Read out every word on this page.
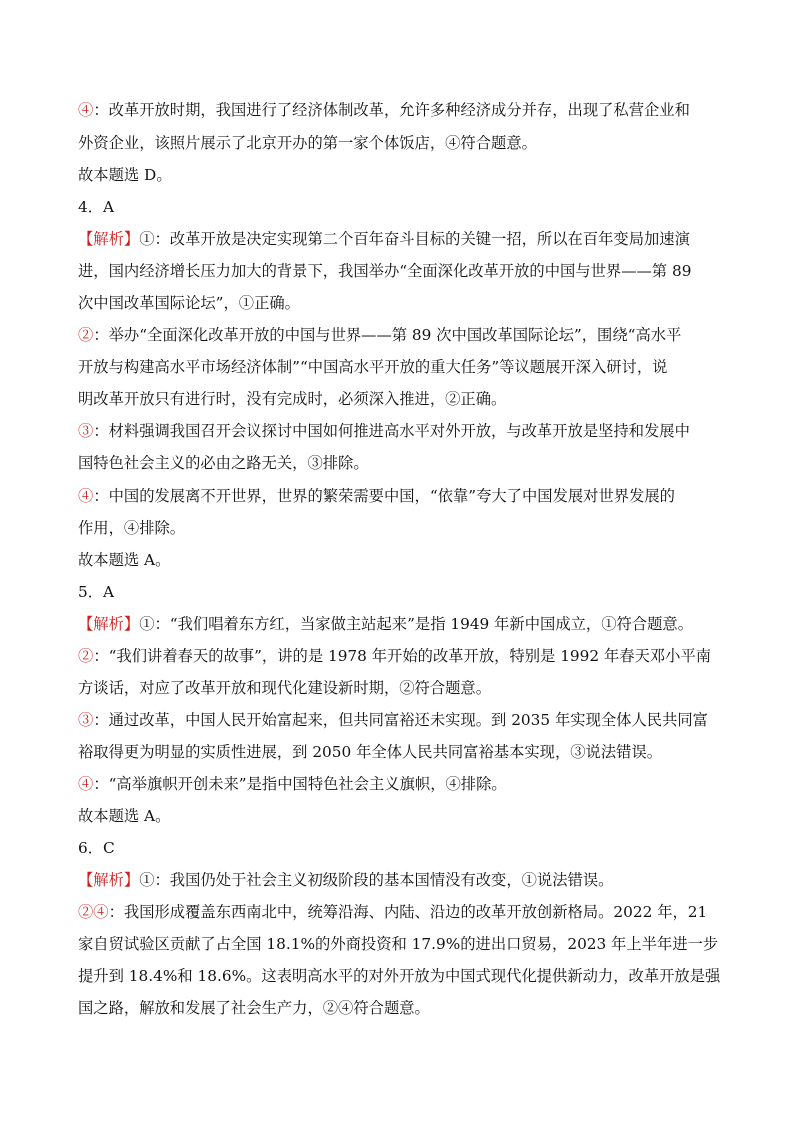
④：改革开放时期，我国进行了经济体制改革，允许多种经济成分并存，出现了私营企业和
外资企业，该照片展示了北京开办的第一家个体饭店，④符合题意。
故本题选 D。
4．A
【解析】①：改革开放是决定实现第二个百年奋斗目标的关键一招，所以在百年变局加速演
进，国内经济增长压力加大的背景下，我国举办“全面深化改革开放的中国与世界——第 89
次中国改革国际论坛”，①正确。
②：举办“全面深化改革开放的中国与世界——第 89 次中国改革国际论坛”，围绕“高水平
开放与构建高水平市场经济体制”“中国高水平开放的重大任务”等议题展开深入研讨，说
明改革开放只有进行时，没有完成时，必须深入推进，②正确。
③：材料强调我国召开会议探讨中国如何推进高水平对外开放，与改革开放是坚持和发展中
国特色社会主义的必由之路无关，③排除。
④：中国的发展离不开世界，世界的繁荣需要中国，“依靠”夸大了中国发展对世界发展的
作用，④排除。
故本题选 A。
5．A
【解析】①：“我们唱着东方红，当家做主站起来”是指 1949 年新中国成立，①符合题意。
②：“我们讲着春天的故事”，讲的是 1978 年开始的改革开放，特别是 1992 年春天邓小平南
方谈话，对应了改革开放和现代化建设新时期，②符合题意。
③：通过改革，中国人民开始富起来，但共同富裕还未实现。到 2035 年实现全体人民共同富
裕取得更为明显的实质性进展，到 2050 年全体人民共同富裕基本实现，③说法错误。
④：“高举旗帜开创未来”是指中国特色社会主义旗帜，④排除。
故本题选 A。
6．C
【解析】①：我国仍处于社会主义初级阶段的基本国情没有改变，①说法错误。
②④：我国形成覆盖东西南北中，统筹沿海、内陆、沿边的改革开放创新格局。2022 年，21
家自贸试验区贡献了占全国 18.1%的外商投资和 17.9%的进出口贸易，2023 年上半年进一步
提升到 18.4%和 18.6%。这表明高水平的对外开放为中国式现代化提供新动力，改革开放是强
国之路，解放和发展了社会生产力，②④符合题意。
